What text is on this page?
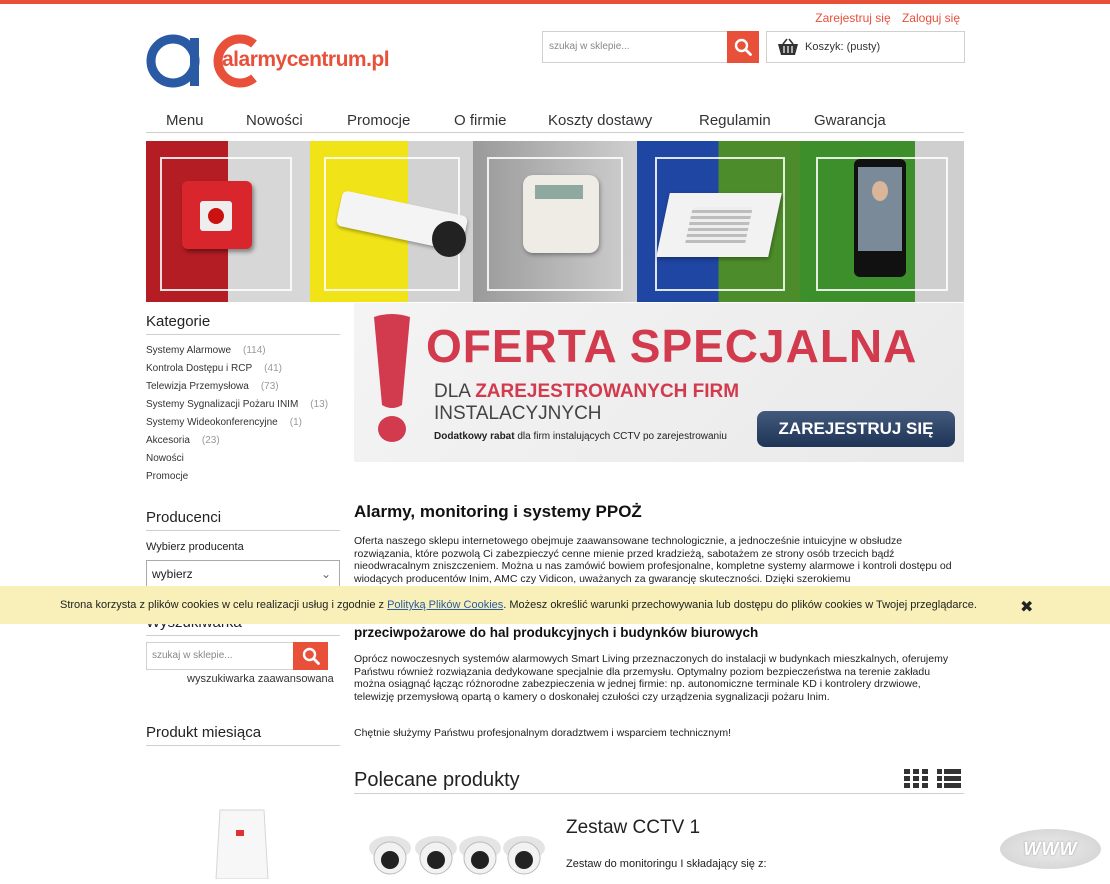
Zarejestruj się Zaloguj się
alarmycentrum.pl
szukaj w sklepie...	Koszyk: (pusty)
Menu	Nowości	Promocje	O firmie	Koszty dostawy	Regulamin	Gwarancja
OFERTA SPECJALNA
DLA ZAREJESTROWANYCH FIRM
INSTALACYJNYCH
Dodatkowy rabat dla firm instalujących CCTV po zarejestrowaniu	ZAREJESTRUJ SIĘ
Kategorie
Systemy Alarmowe (114)
Kontrola Dostępu i RCP (41)
Telewizja Przemysłowa (73)
Systemy Sygnalizacji Pożaru INIM (13)
Systemy Wideokonferencyjne (1)
Akcesoria (23)
Nowości
Promocje
Producenci
Wybierz producenta
wybierz	⌄
szukaj w sklepie...
wyszukiwarka zaawansowana
Produkt miesiąca
Alarmy, monitoring i systemy PPOŻ

Oferta naszego sklepu internetowego obejmuje zaawansowane technologicznie, a jednocześnie intuicyjne w obsłudze rozwiązania, które pozwolą Ci zabezpieczyć cenne mienie przed kradzieżą, sabotażem ze strony osób trzecich bądź nieodwracalnym zniszczeniem. Można u nas zamówić bowiem profesjonalne, kompletne systemy alarmowe i kontroli dostępu od wiodących producentów Inim, AMC czy Vidicon, uważanych za gwarancję skuteczności. Dzięki szerokiemu

przeciwpożarowe do hal produkcyjnych i budynków biurowych

Oprócz nowoczesnych systemów alarmowych Smart Living przeznaczonych do instalacji w budynkach mieszkalnych, oferujemy Państwu również rozwiązania dedykowane specjalnie dla przemysłu. Optymalny poziom bezpieczeństwa na terenie zakładu można osiągnąć łącząc różnorodne zabezpieczenia w jednej firmie: np. autonomiczne terminale KD i kontrolery drzwiowe, telewizję przemysłową opartą o kamery o doskonałej czułości czy urządzenia sygnalizacji pożaru Inim.

Chętnie służymy Państwu profesjonalnym doradztwem i wsparciem technicznym!

Polecane produkty
Zestaw CCTV 1
Zestaw do monitoringu I składający się z:
Strona korzysta z plików cookies w celu realizacji usług i zgodnie z Polityką Plików Cookies. Możesz określić warunki przechowywania lub dostępu do plików cookies w Twojej przeglądarce.	✖
WWW
